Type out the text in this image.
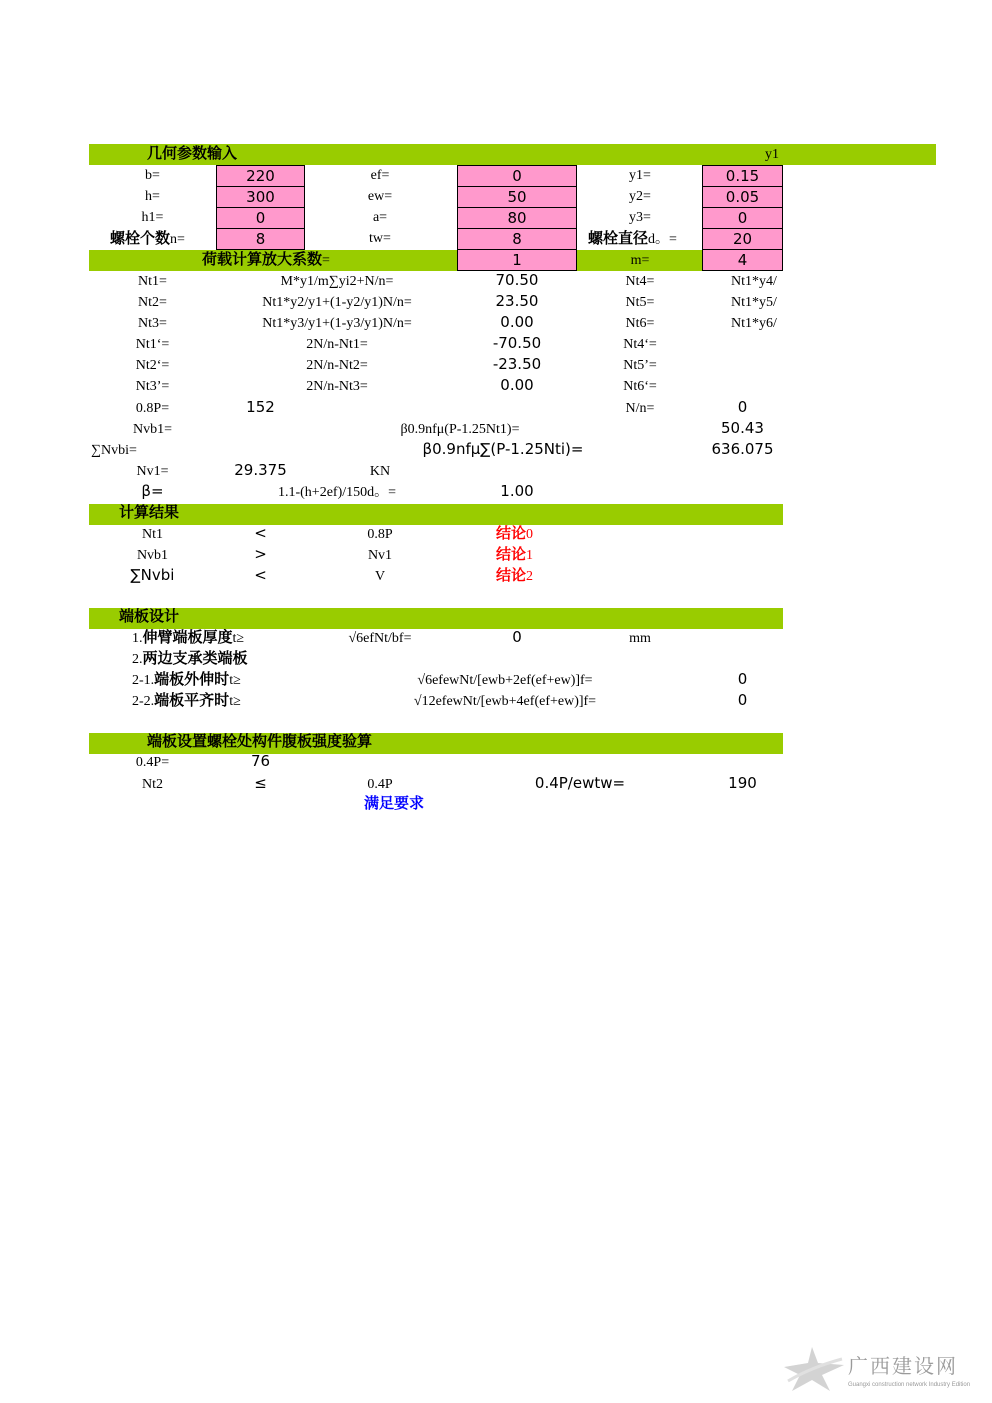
几何参数输入	y1
b=	220	ef=	0	y1=	0.15
h=	300	ew=	50	y2=	0.05
h1=	0	a=	80	y3=	0
螺栓个数n=	8	tw=	8	螺栓直径d。=	20
荷载计算放大系数=	1	m=	4
Nt1=	M*y1/m∑yi2+N/n=	70.50	Nt4=	Nt1*y4/
Nt2=	Nt1*y2/y1+(1-y2/y1)N/n=	23.50	Nt5=	Nt1*y5/
Nt3=	Nt1*y3/y1+(1-y3/y1)N/n=	0.00	Nt6=	Nt1*y6/
Nt1‘=	2N/n-Nt1=	-70.50	Nt4‘=
Nt2‘=	2N/n-Nt2=	-23.50	Nt5’=
Nt3’=	2N/n-Nt3=	0.00	Nt6‘=
0.8P=	152	N/n=	0
Nvb1=	β0.9nfμ(P-1.25Nt1)=	50.43
∑Nvbi=	β0.9nfμ∑(P-1.25Nti)=	636.075
Nv1=	29.375	KN
β=	1.1-(h+2ef)/150d。=	1.00
计算结果
Nt1	<	0.8P	结论0
Nvb1	>	Nv1	结论1
∑Nvbi	<	V	结论2
端板设计
1.伸臂端板厚度t≥	√6efNt/bf=	0	mm
2.两边支承类端板
2-1.端板外伸时t≥	√6efewNt/[ewb+2ef(ef+ew)]f=	0
2-2.端板平齐时t≥	√12efewNt/[ewb+4ef(ef+ew)]f=	0
端板设置螺栓处构件腹板强度验算
0.4P=	76
Nt2	≤	0.4P	0.4P/ewtw=	190
满足要求
广西建设网
Guangxi construction network Industry Edition
